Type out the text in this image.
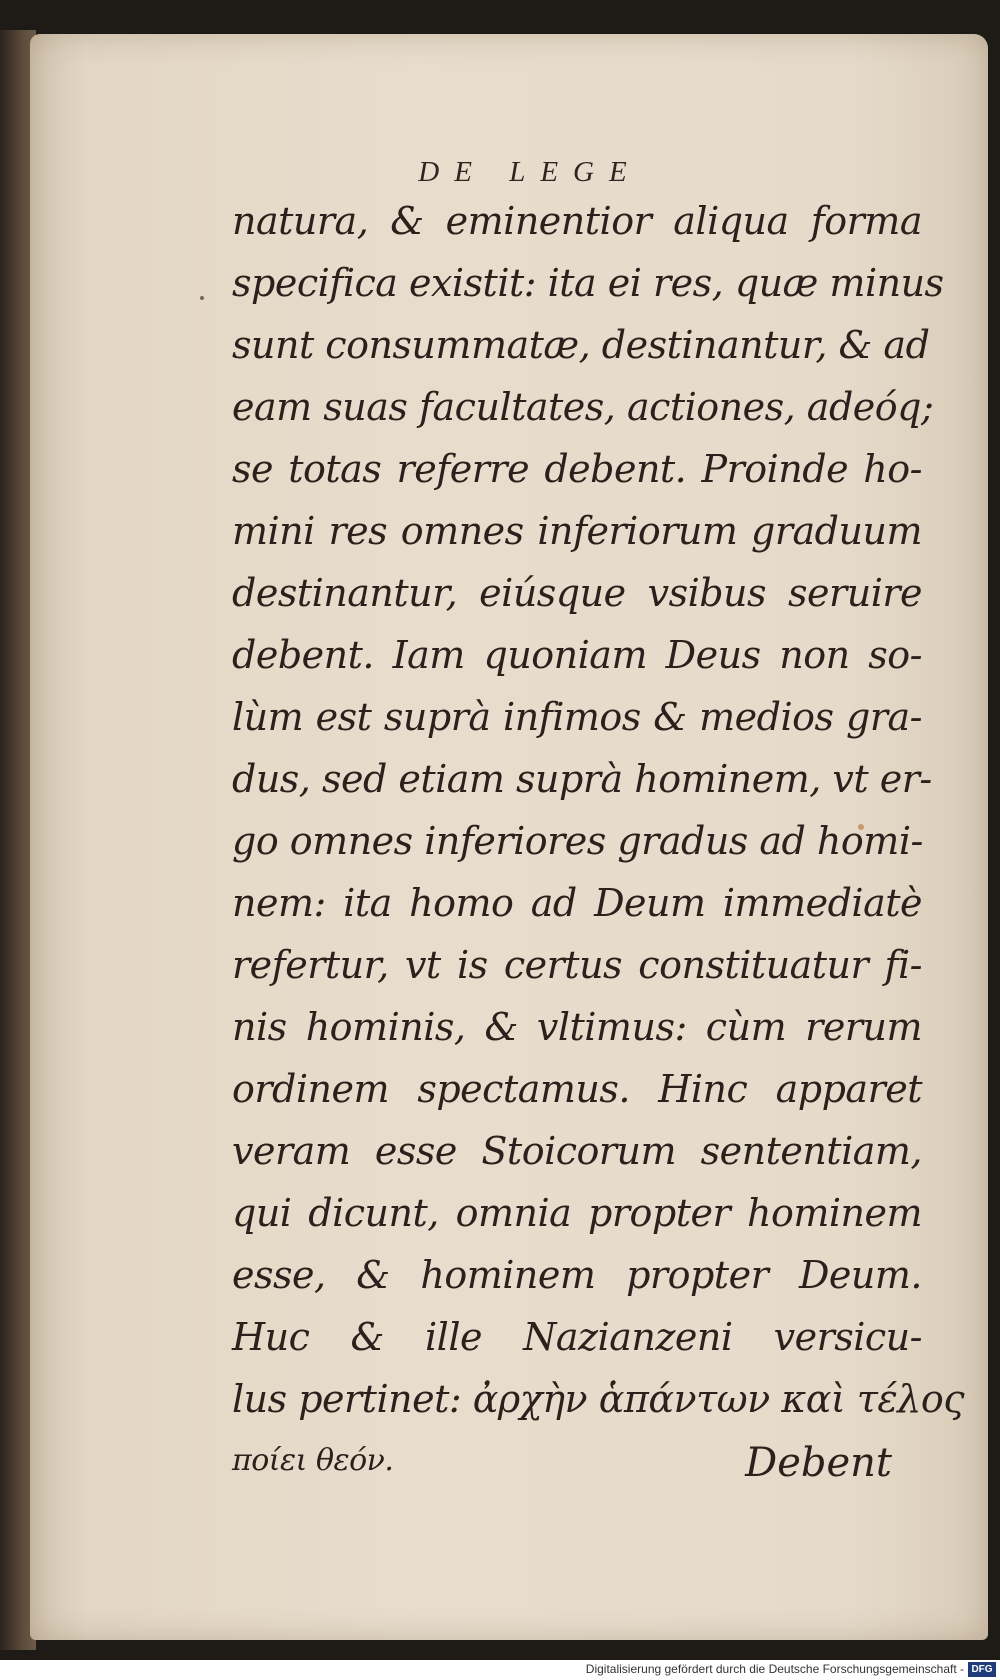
DE LEGE
natura, & eminentior aliqua forma
specifica existit: ita ei res, quæ minus
sunt consummatæ, destinantur, & ad
eam suas facultates, actiones, adeóq;
se totas referre debent. Proinde ho-
mini res omnes inferiorum graduum
destinantur, eiúsque vsibus seruire
debent. Iam quoniam Deus non so-
lùm est suprà infimos & medios gra-
dus, sed etiam suprà hominem, vt er-
go omnes inferiores gradus ad homi-
nem: ita homo ad Deum immediatè
refertur, vt is certus constituatur fi-
nis hominis, & vltimus: cùm rerum
ordinem spectamus. Hinc apparet
veram esse Stoicorum sententiam,
qui dicunt, omnia propter hominem
esse, & hominem propter Deum.
Huc & ille Nazianzeni versicu-
lus pertinet: ἀρχὴν ἁπάντων καὶ τέλος
ποίει θεόν.	Debent
Digitalisierung gefördert durch die Deutsche Forschungsgemeinschaft - DFG
